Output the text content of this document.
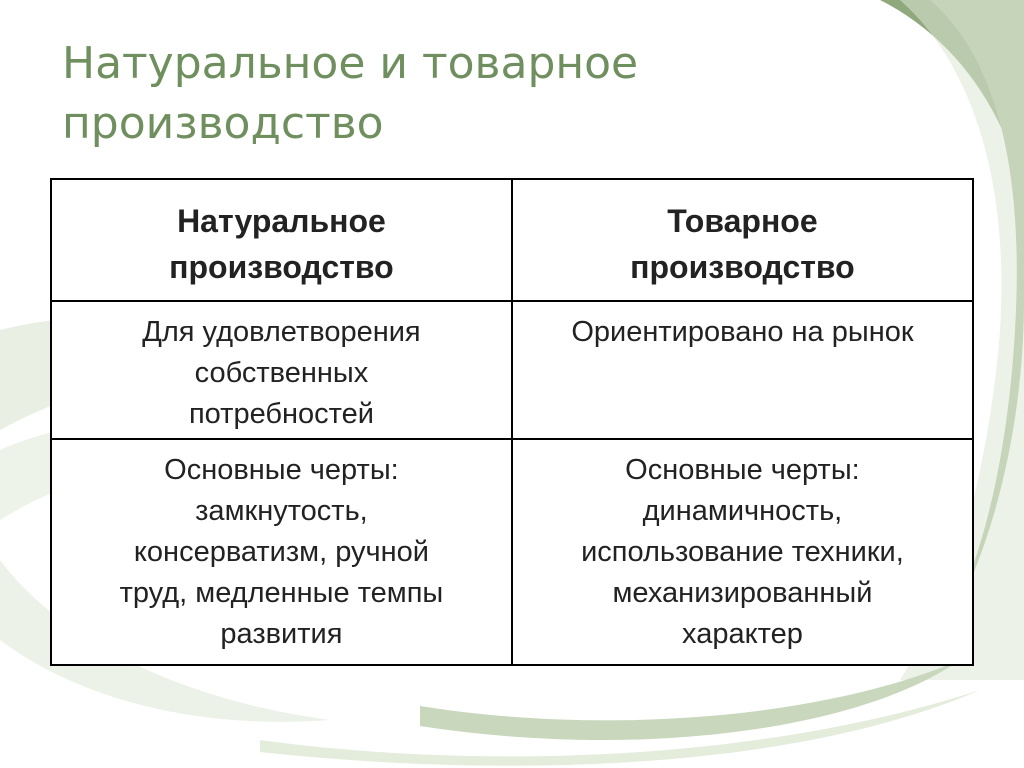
Натуральное и товарное
производство
Натуральное
производство	Товарное
производство

Для удовлетворения
собственных
потребностей	Ориентировано на рынок

Основные черты:
замкнутость,
консерватизм, ручной
труд, медленные темпы
развития	Основные черты:
динамичность,
использование техники,
механизированный
характер
